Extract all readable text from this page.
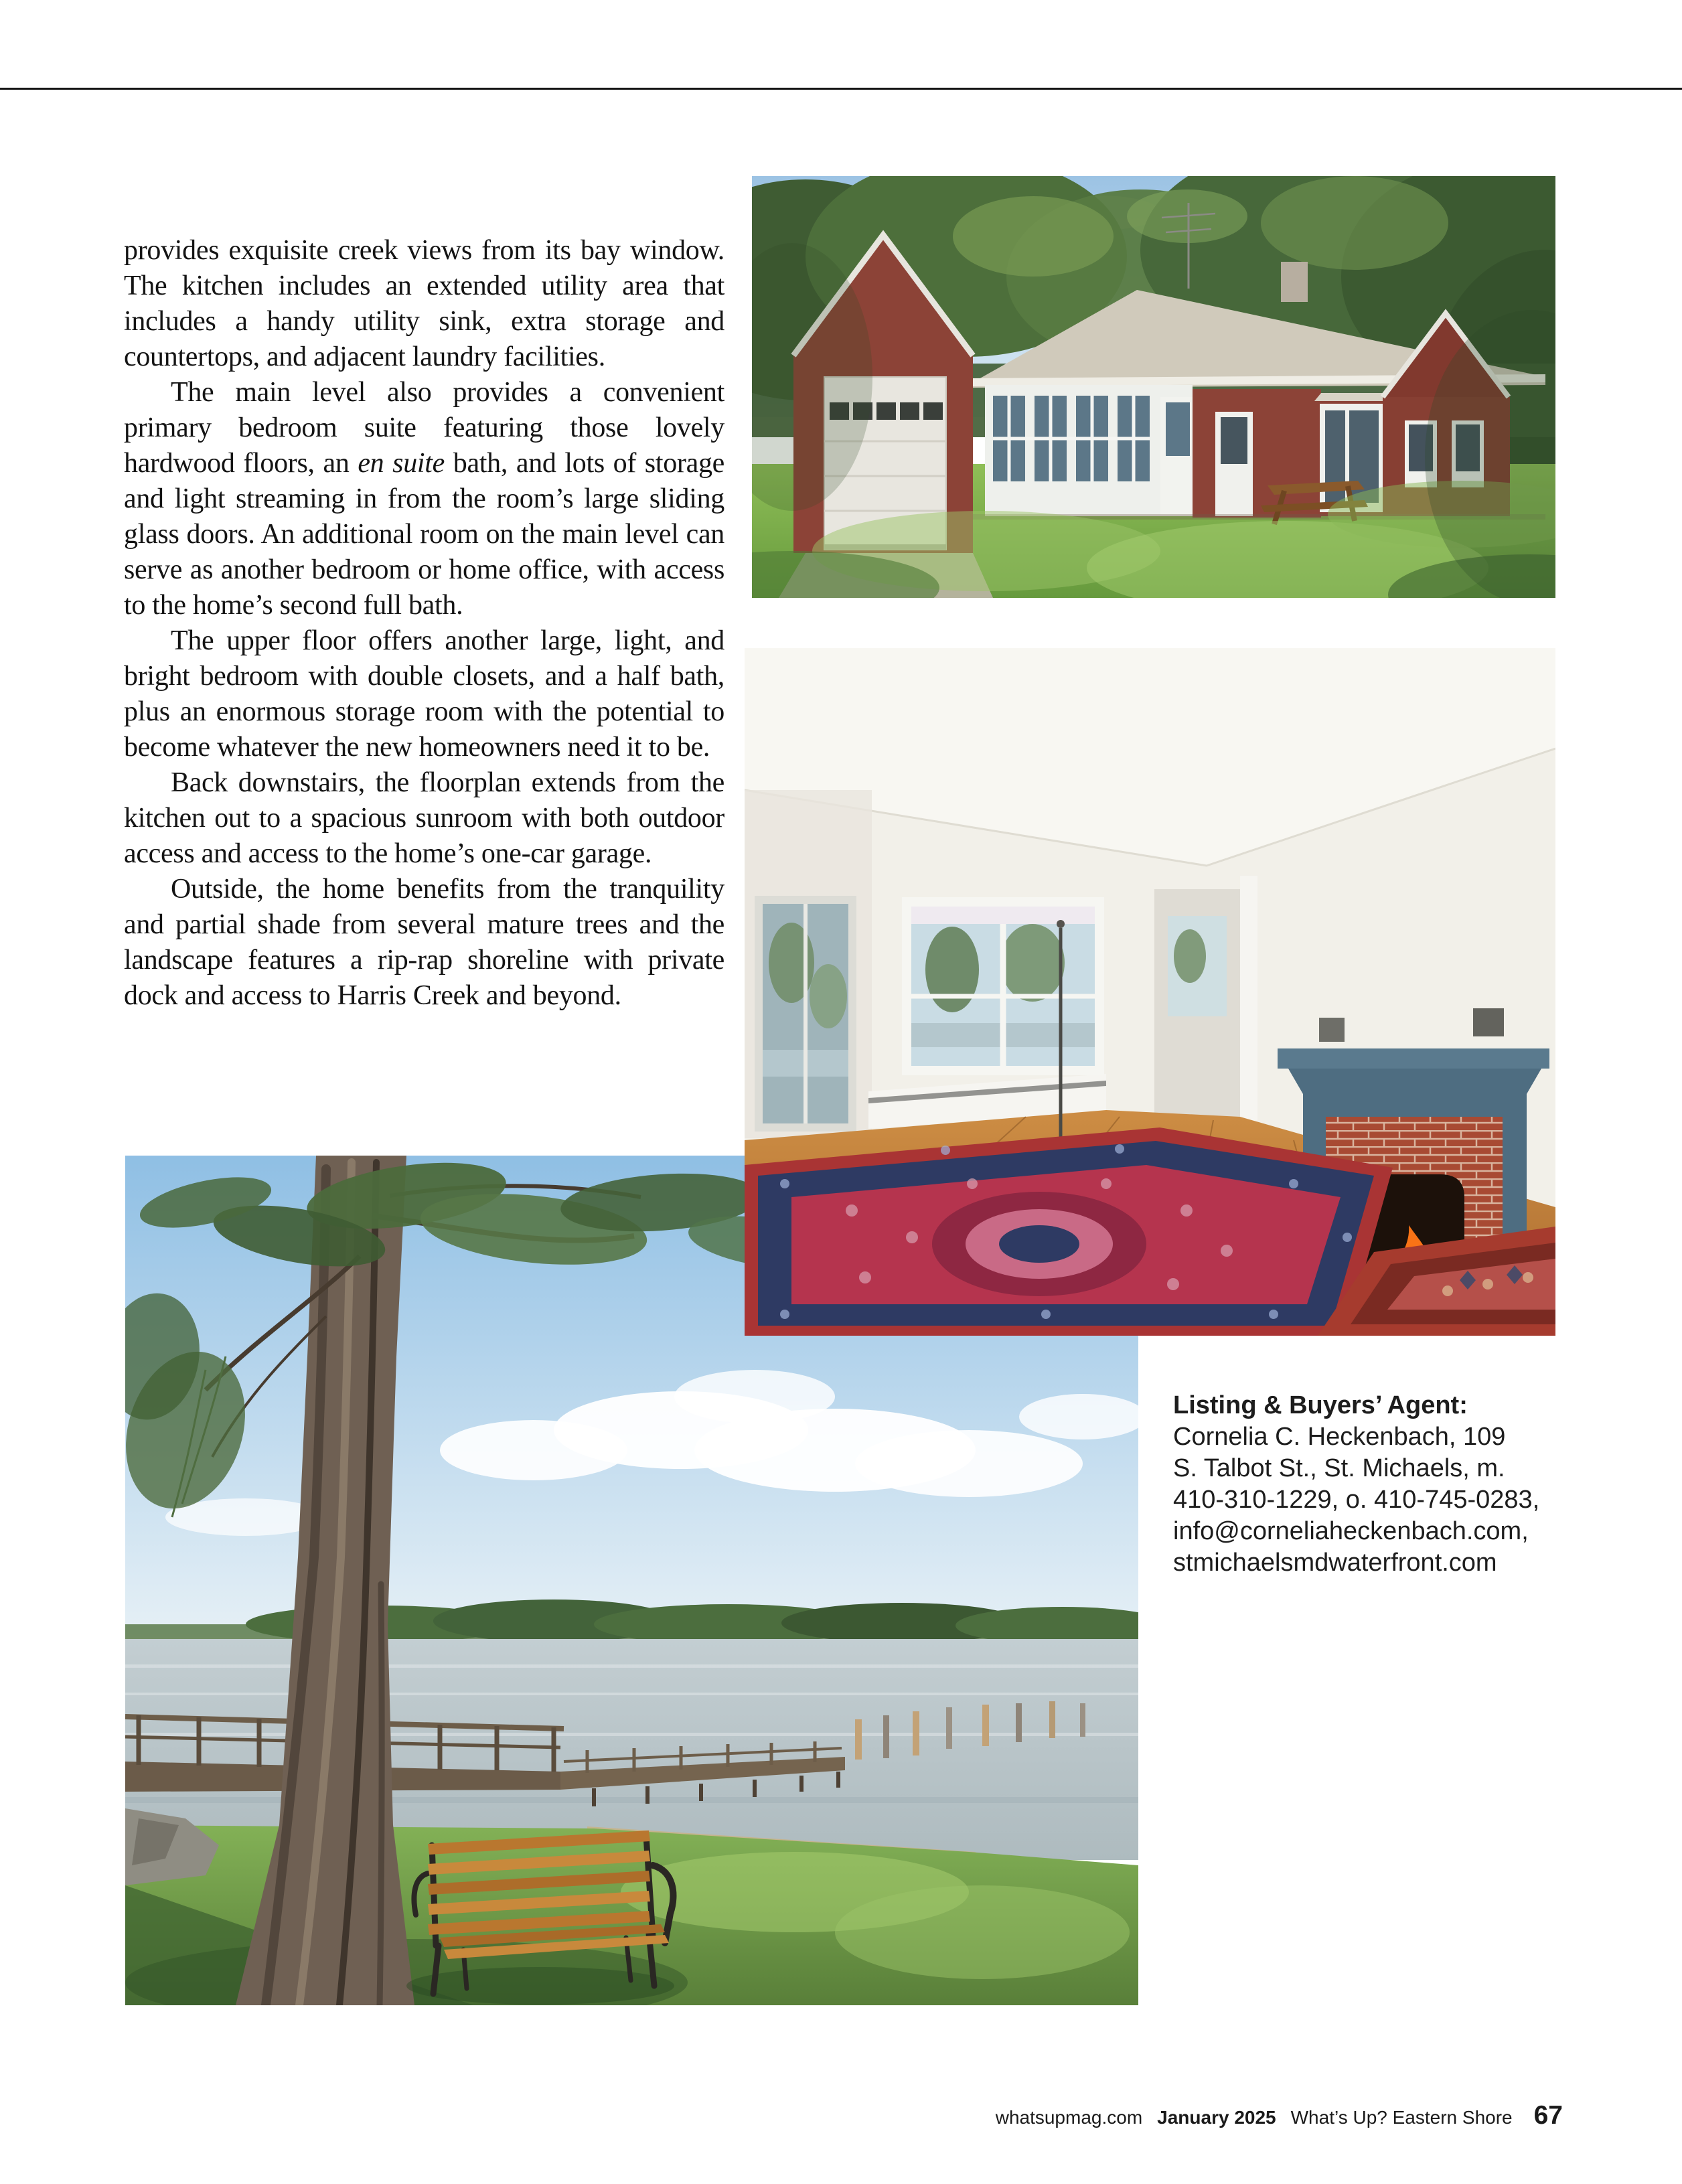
provides exquisite creek views from its bay window. The kitchen includes an extended utility area that includes a handy utility sink, extra storage and countertops, and adjacent laundry facilities.

The main level also provides a convenient primary bedroom suite featuring those lovely hardwood floors, an en suite bath, and lots of storage and light streaming in from the room’s large sliding glass doors. An additional room on the main level can serve as another bedroom or home office, with access to the home’s second full bath.

The upper floor offers another large, light, and bright bedroom with double closets, and a half bath, plus an enormous storage room with the potential to become whatever the new homeowners need it to be.

Back downstairs, the floorplan extends from the kitchen out to a spacious sunroom with both outdoor access and access to the home’s one-car garage.

Outside, the home benefits from the tranquility and partial shade from several mature trees and the landscape features a rip-rap shoreline with private dock and access to Harris Creek and beyond.

Listing & Buyers’ Agent:
Cornelia C. Heckenbach, 109
S. Talbot St., St. Michaels, m.
410-310-1229, o. 410-745-0283,
info@corneliaheckenbach.com,
stmichaelsmdwaterfront.com
whatsupmag.com January 2025 What’s Up? Eastern Shore 67
